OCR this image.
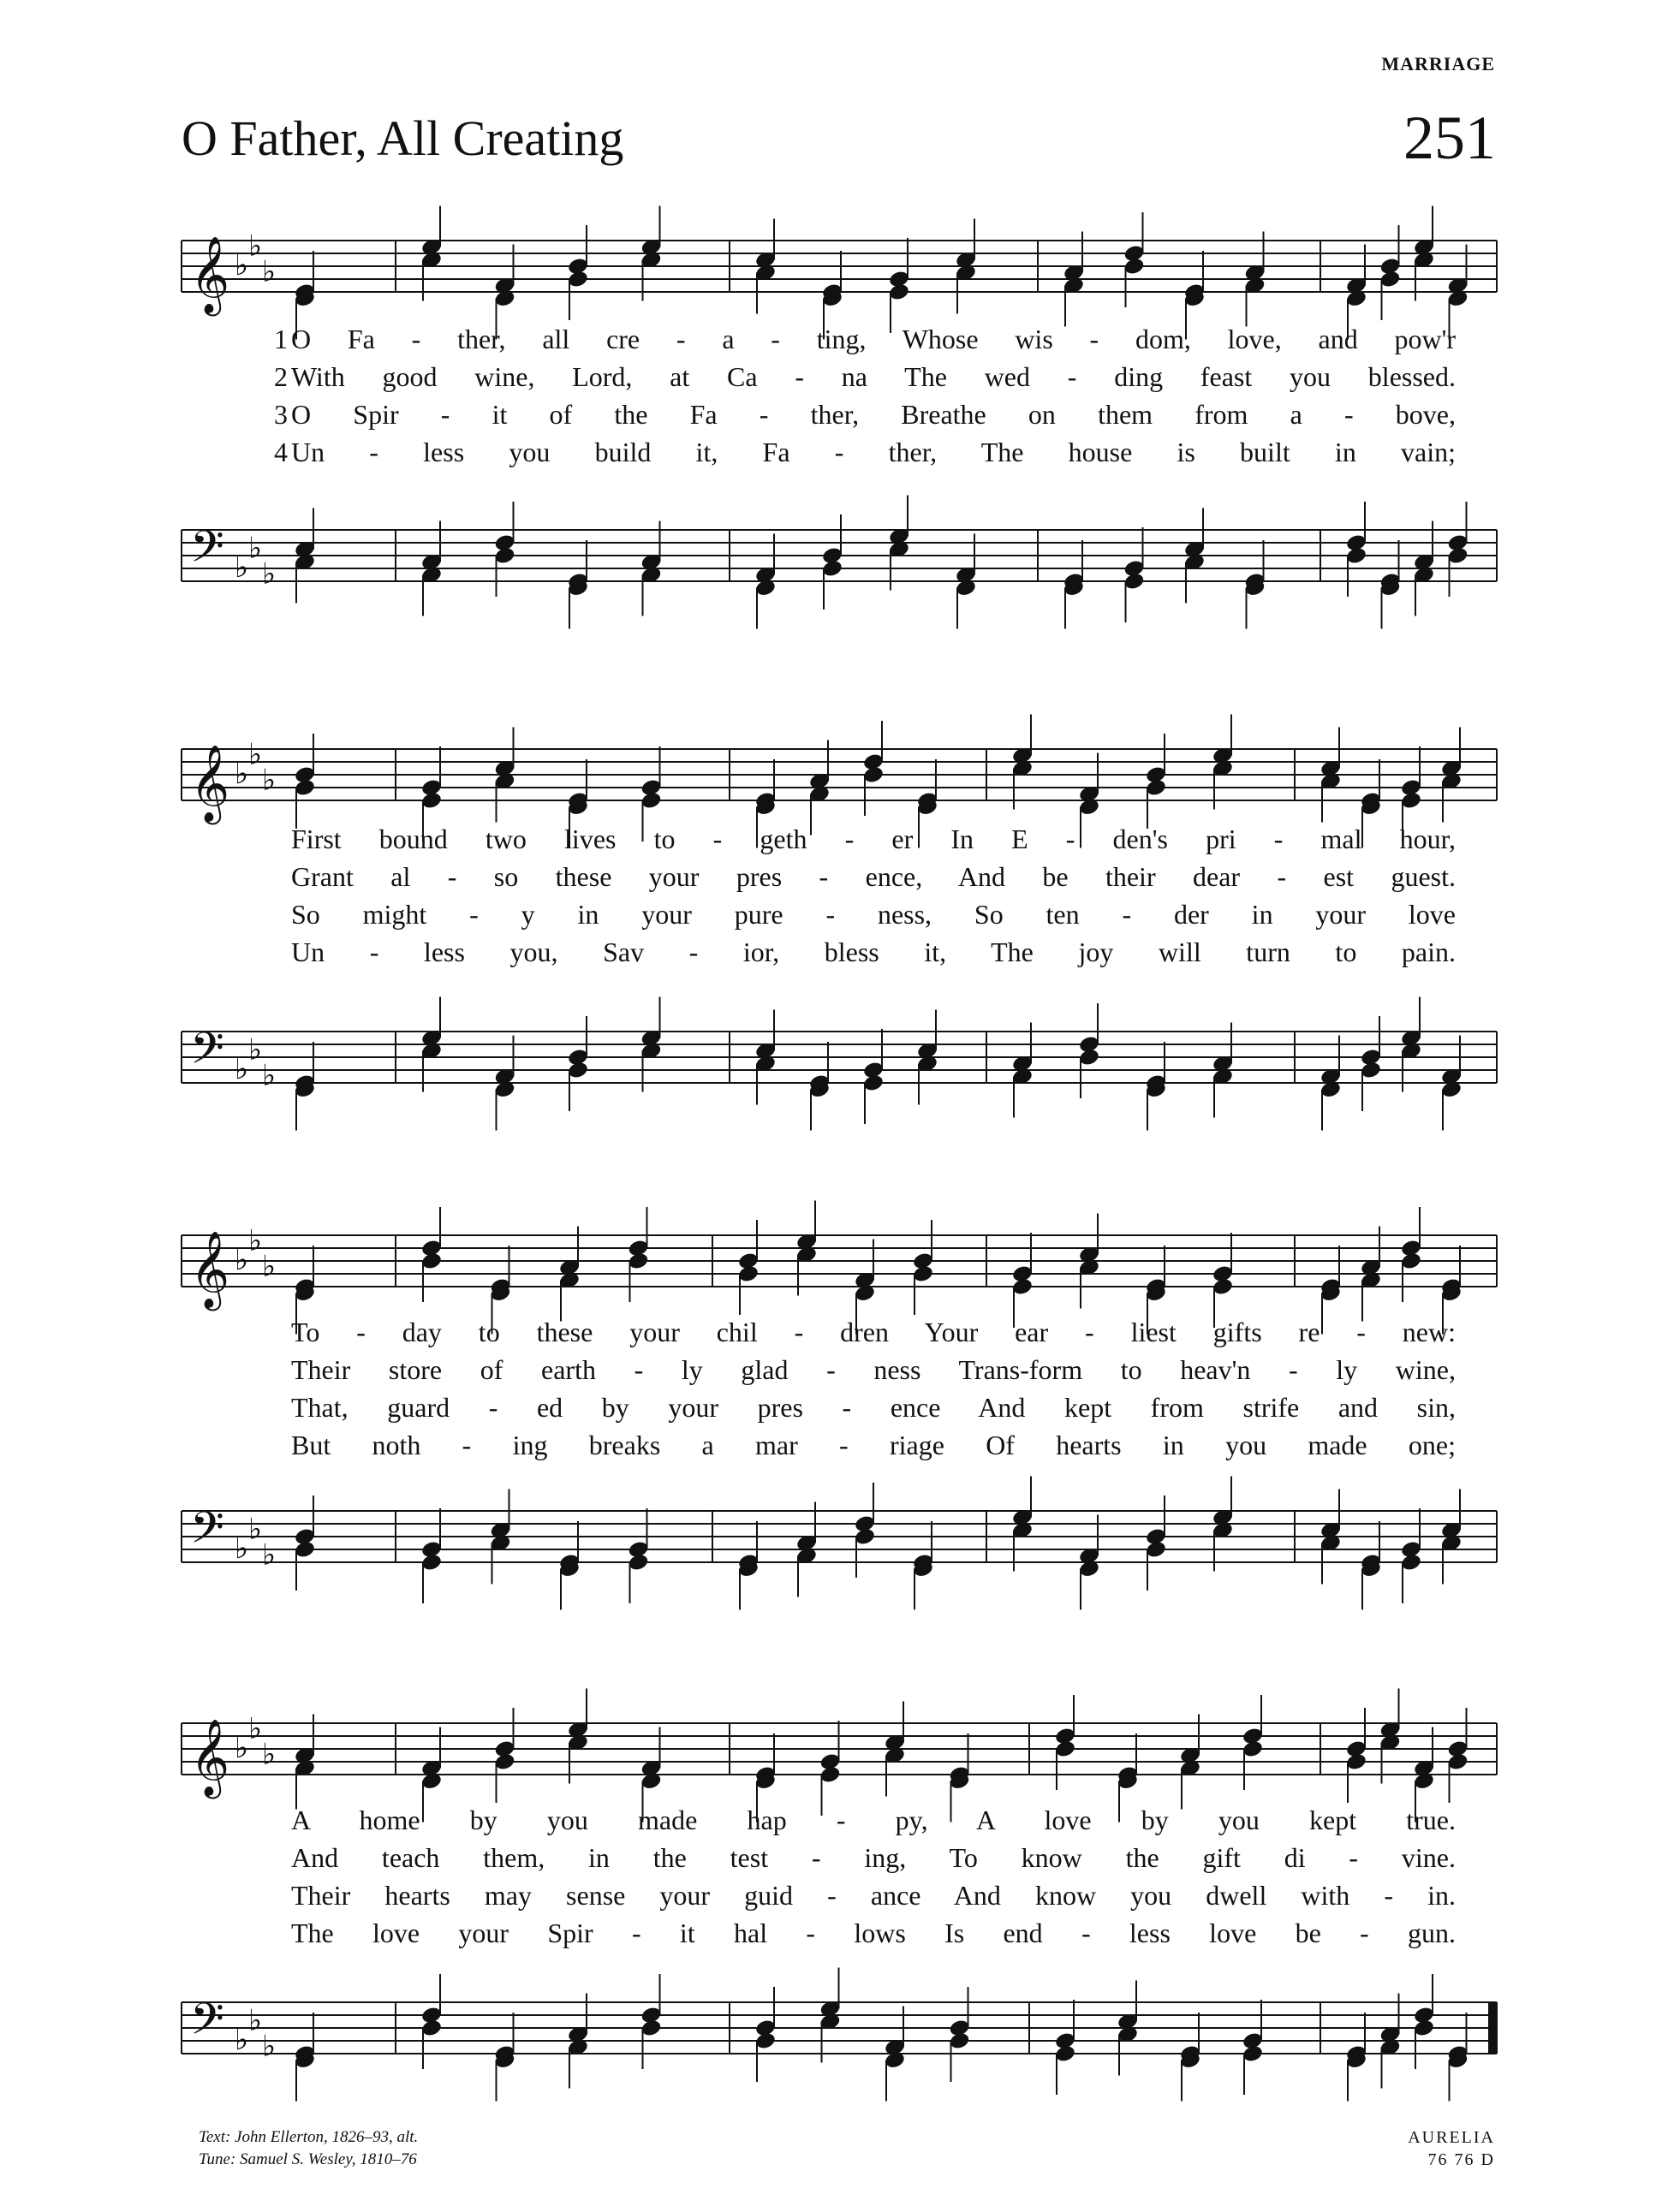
MARRIAGE
O Father, All Creating	251
𝄞 ♭
♭
♭
1 O Fa - ther, all cre - a - ting, Whose wis - dom, love, and pow'r
2 With good wine, Lord, at Ca - na The wed - ding feast you blessed.
3 O Spir - it of the Fa - ther, Breathe on them from a - bove,
4 Un - less you build it, Fa - ther, The house is built in vain;
𝄢 ♭
♭
♭
𝄞 ♭
♭
♭
First bound two lives to - geth - er In E - den's pri - mal hour,
Grant al - so these your pres - ence, And be their dear - est guest.
So might - y in your pure - ness, So ten - der in your love
Un - less you, Sav - ior, bless it, The joy will turn to pain.
𝄢 ♭
♭
♭
𝄞 ♭
♭
♭
To - day to these your chil - dren Your ear - liest gifts re - new:
Their store of earth - ly glad - ness Trans-form to heav'n - ly wine,
That, guard - ed by your pres - ence And kept from strife and sin,
But noth - ing breaks a mar - riage Of hearts in you made one;
𝄢 ♭
♭
♭
𝄞 ♭
♭
♭
A home by you made hap - py, A love by you kept true.
And teach them, in the test - ing, To know the gift di - vine.
Their hearts may sense your guid - ance And know you dwell with - in.
The love your Spir - it hal - lows Is end - less love be - gun.
𝄢 ♭
♭
♭
Text: John Ellerton, 1826–93, alt.
Tune: Samuel S. Wesley, 1810–76
AURELIA
76 76 D
